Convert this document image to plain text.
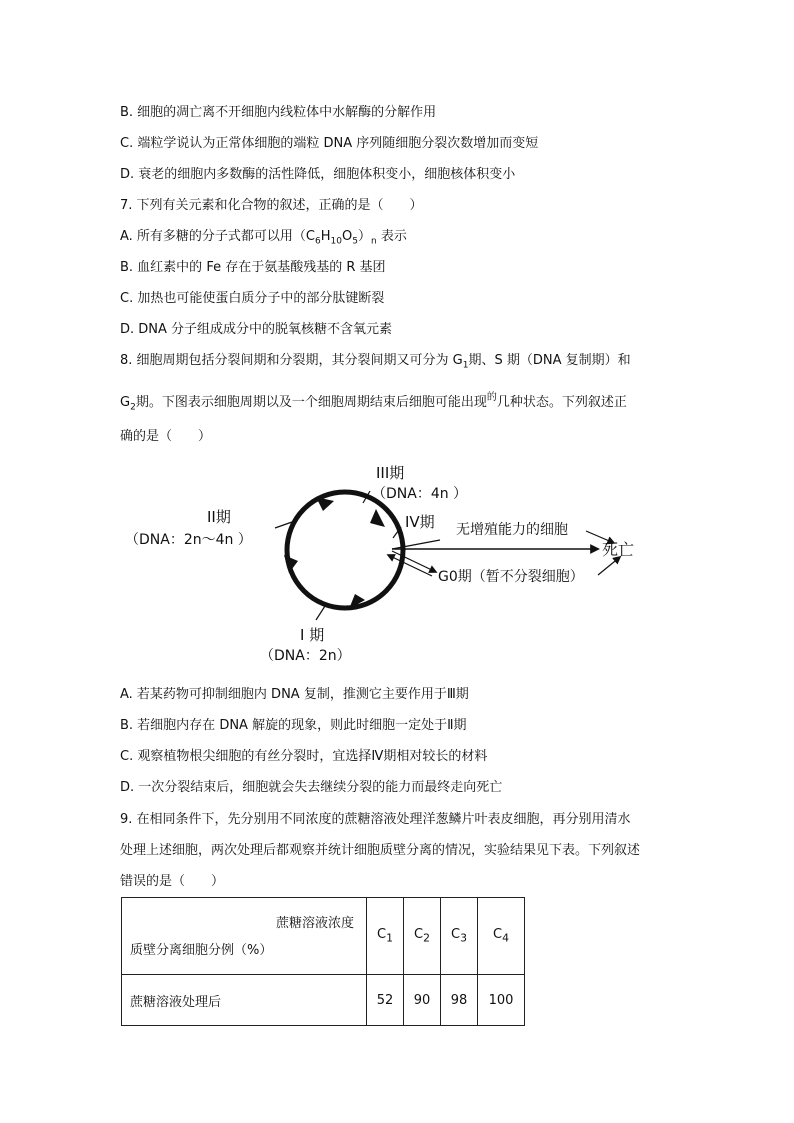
B. 细胞的凋亡离不开细胞内线粒体中水解酶的分解作用
C. 端粒学说认为正常体细胞的端粒 DNA 序列随细胞分裂次数增加而变短
D. 衰老的细胞内多数酶的活性降低，细胞体积变小，细胞核体积变小
7. 下列有关元素和化合物的叙述，正确的是（　　）
A. 所有多糖的分子式都可以用$(C_6H_{10}O_5)_n$ 表示
B. 血红素中的 Fe 存在于氨基酸残基的 R 基团
C. 加热也可能使蛋白质分子中的部分肽键断裂
D. DNA 分子组成成分中的脱氧核糖不含氧元素
8. 细胞周期包括分裂间期和分裂期，其分裂间期又可分为 $G_1$期、S 期（DNA 复制期）和
$G_2$期。下图表示细胞周期以及一个细胞周期结束后细胞可能出现$^的$几种状态。下列叙述正
确的是（　　）
III期
（DNA：4n ）
II期
（DNA：2n～4n ）
IV期 无增殖能力的细胞
死亡
G0期（暂不分裂细胞）
I 期
（DNA：2n）
A. 若某药物可抑制细胞内 DNA 复制，推测它主要作用于Ⅲ期
B. 若细胞内存在 DNA 解旋的现象，则此时细胞一定处于Ⅱ期
C. 观察植物根尖细胞的有丝分裂时，宜选择Ⅳ期相对较长的材料
D. 一次分裂结束后，细胞就会失去继续分裂的能力而最终走向死亡
9. 在相同条件下，先分别用不同浓度的蔗糖溶液处理洋葱鳞片叶表皮细胞，再分别用清水
处理上述细胞，两次处理后都观察并统计细胞质壁分离的情况，实验结果见下表。下列叙述
错误的是（　　）
蔗糖溶液浓度
质壁分离细胞分例（%）	$C_1$	$C_2$	$C_3$	$C_4$
蔗糖溶液处理后	52	90	98	100
